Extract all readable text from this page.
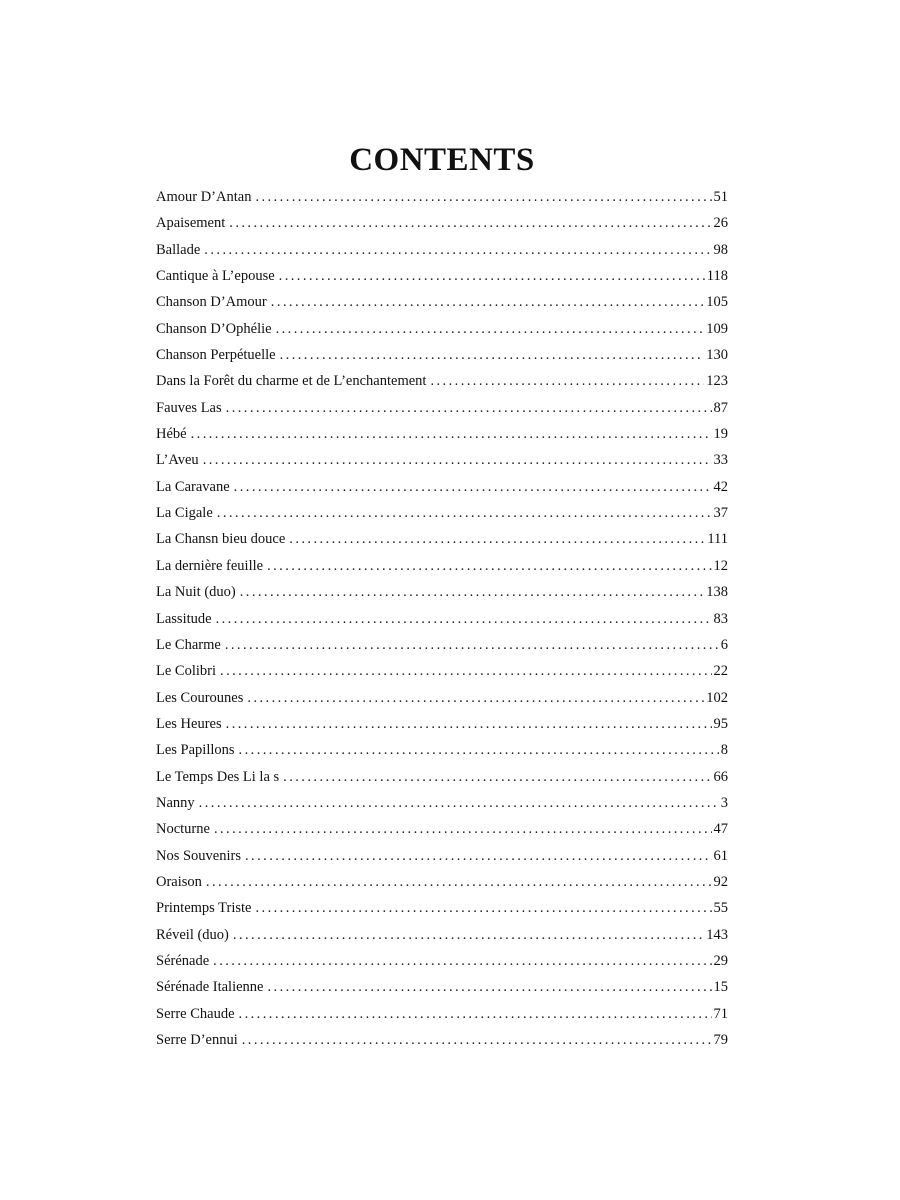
CONTENTS
Amour D’Antan . . .	51
Apaisement . . .	26
Ballade . . .	98
Cantique à L’epouse . . .	118
Chanson D’Amour . . .	105
Chanson D’Ophélie . . .	109
Chanson Perpétuelle . . .	130
Dans la Forêt du charme et de L’enchantement . . .	123
Fauves Las . . .	87
Hébé . . .	19
L’Aveu . . .	33
La Caravane . . .	42
La Cigale . . .	37
La Chansn bieu douce . . .	111
La dernière feuille . . .	12
La Nuit (duo) . . .	138
Lassitude . . .	83
Le Charme . . .	6
Le Colibri . . .	22
Les Courounes . . .	102
Les Heures . . .	95
Les Papillons . . .	8
Le Temps Des Li la s . . .	66
Nanny . . .	3
Nocturne . . .	47
Nos Souvenirs . . .	61
Oraison . . .	92
Printemps Triste . . .	55
Réveil (duo) . . .	143
Sérénade . . .	29
Sérénade Italienne . . .	15
Serre Chaude . . .	71
Serre D’ennui . . .	79
